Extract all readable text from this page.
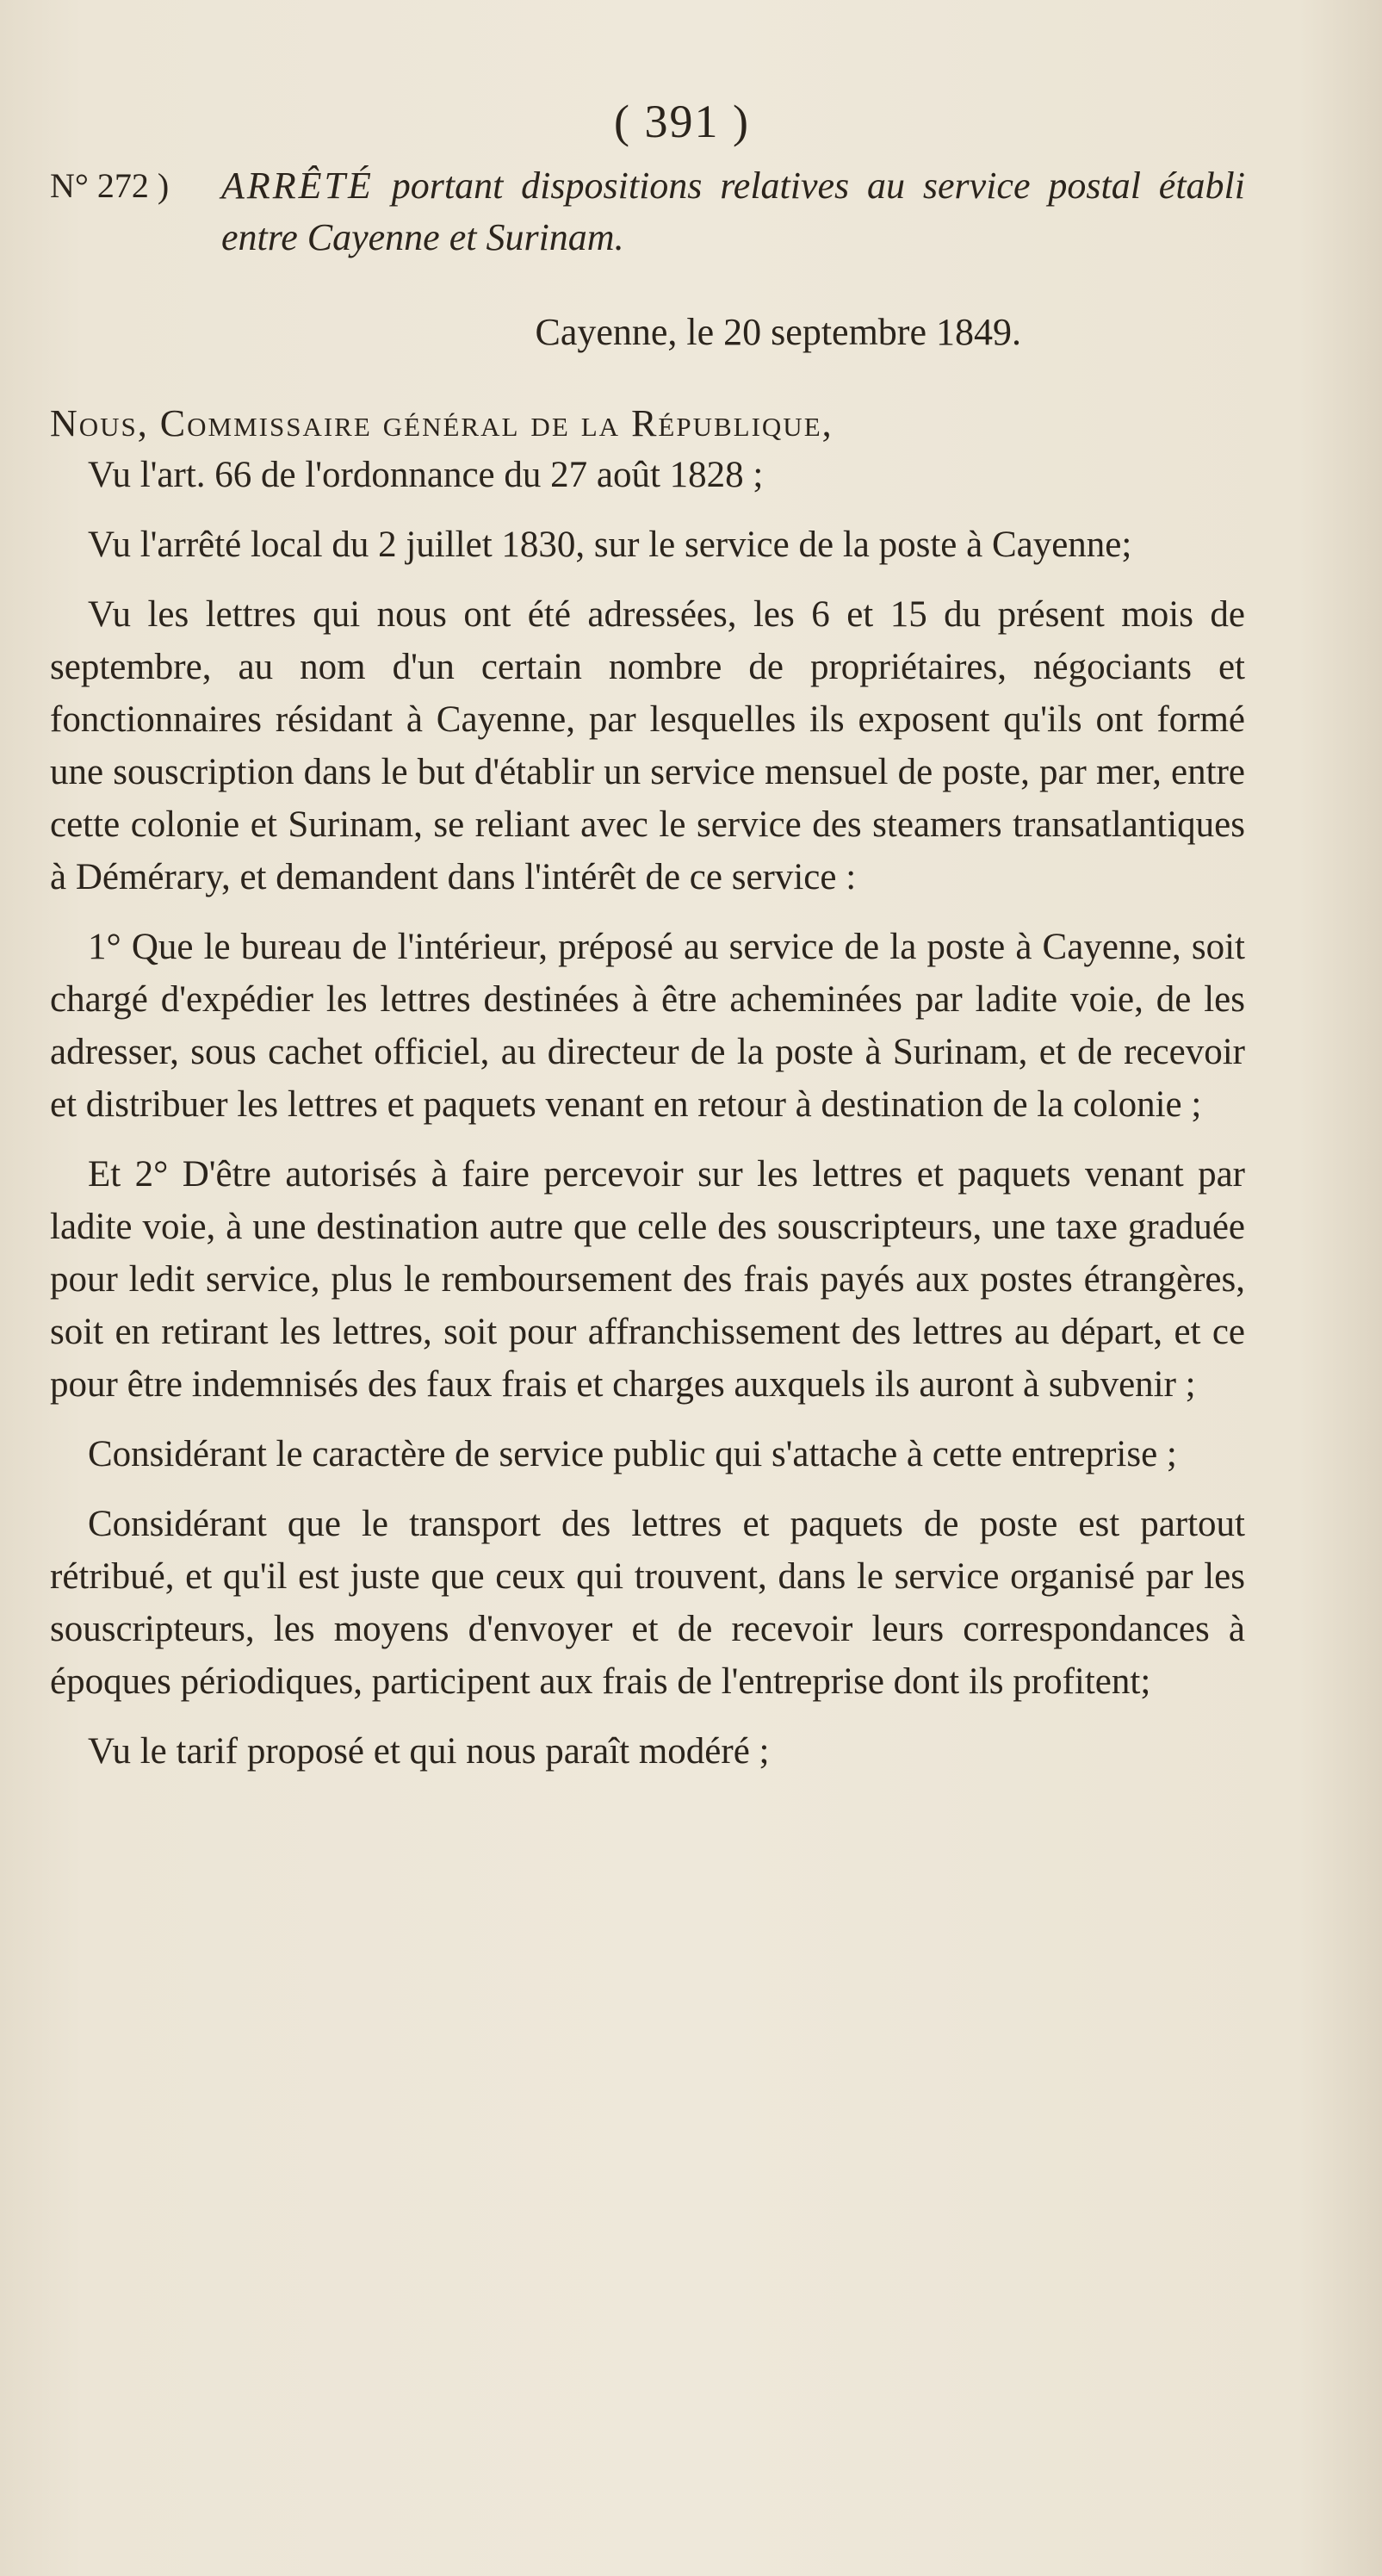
( 391 )
N° 272 )	ARRÊTÉ portant dispositions relatives au service postal établi entre Cayenne et Surinam.
Cayenne, le 20 septembre 1849.
Nous, Commissaire général de la République,

Vu l'art. 66 de l'ordonnance du 27 août 1828 ;

Vu l'arrêté local du 2 juillet 1830, sur le service de la poste à Cayenne;

Vu les lettres qui nous ont été adressées, les 6 et 15 du présent mois de septembre, au nom d'un certain nombre de propriétaires, négociants et fonctionnaires résidant à Cayenne, par lesquelles ils exposent qu'ils ont formé une souscription dans le but d'établir un service mensuel de poste, par mer, entre cette colonie et Surinam, se reliant avec le service des steamers transatlantiques à Démérary, et demandent dans l'intérêt de ce service :

1° Que le bureau de l'intérieur, préposé au service de la poste à Cayenne, soit chargé d'expédier les lettres destinées à être acheminées par ladite voie, de les adresser, sous cachet officiel, au directeur de la poste à Surinam, et de recevoir et distribuer les lettres et paquets venant en retour à destination de la colonie ;

Et 2° D'être autorisés à faire percevoir sur les lettres et paquets venant par ladite voie, à une destination autre que celle des souscripteurs, une taxe graduée pour ledit service, plus le remboursement des frais payés aux postes étrangères, soit en retirant les lettres, soit pour affranchissement des lettres au départ, et ce pour être indemnisés des faux frais et charges auxquels ils auront à subvenir ;

Considérant le caractère de service public qui s'attache à cette entreprise ;

Considérant que le transport des lettres et paquets de poste est partout rétribué, et qu'il est juste que ceux qui trouvent, dans le service organisé par les souscripteurs, les moyens d'envoyer et de recevoir leurs correspondances à époques périodiques, participent aux frais de l'entreprise dont ils profitent;

Vu le tarif proposé et qui nous paraît modéré ;
